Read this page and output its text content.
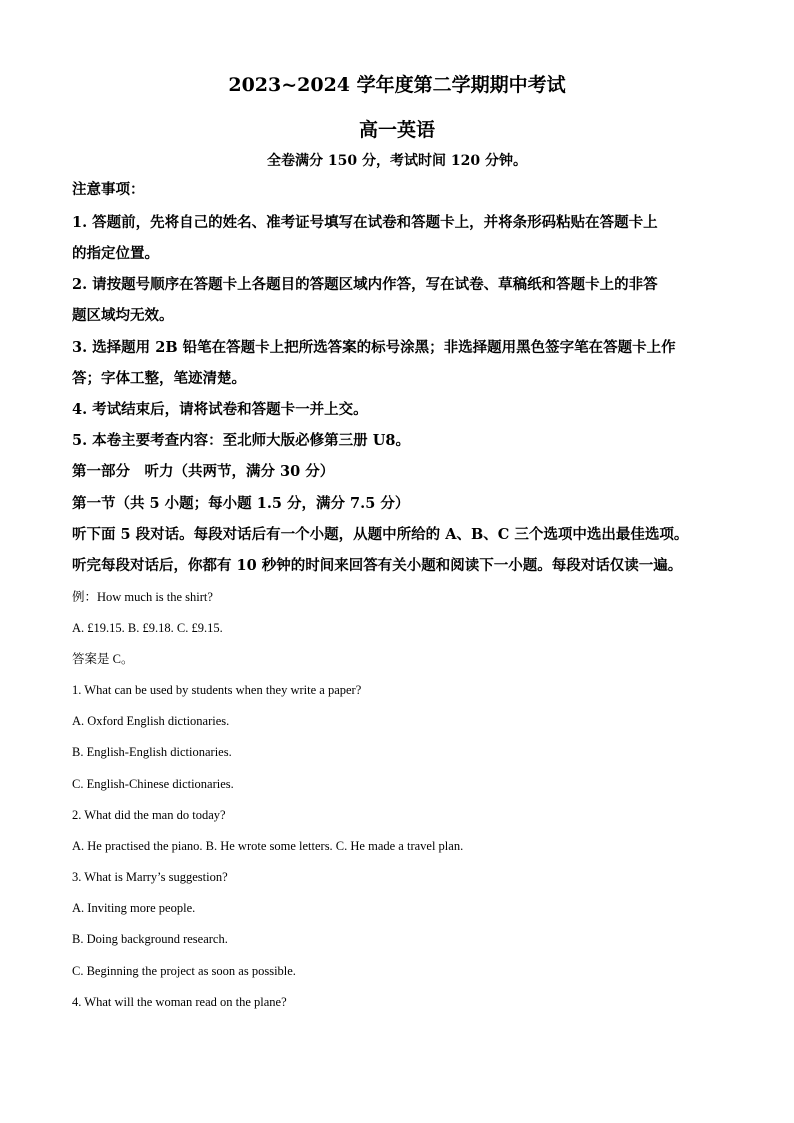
2023~2024 学年度第二学期期中考试
高一英语
全卷满分 150 分，考试时间 120 分钟。
注意事项：
1. 答题前，先将自己的姓名、准考证号填写在试卷和答题卡上，并将条形码粘贴在答题卡上
的指定位置。
2. 请按题号顺序在答题卡上各题目的答题区域内作答，写在试卷、草稿纸和答题卡上的非答
题区域均无效。
3. 选择题用 2B 铅笔在答题卡上把所选答案的标号涂黑；非选择题用黑色签字笔在答题卡上作
答；字体工整，笔迹清楚。
4. 考试结束后，请将试卷和答题卡一并上交。
5. 本卷主要考查内容：至北师大版必修第三册 U8。
第一部分　听力（共两节，满分 30 分）
第一节（共 5 小题；每小题 1.5 分，满分 7.5 分）
听下面 5 段对话。每段对话后有一个小题，从题中所给的 A、B、C 三个选项中选出最佳选项。
听完每段对话后，你都有 10 秒钟的时间来回答有关小题和阅读下一小题。每段对话仅读一遍。
例：How much is the shirt?
A. £19.15. B. £9.18. C. £9.15.
答案是 C。
1. What can be used by students when they write a paper?
A. Oxford English dictionaries.
B. English-English dictionaries.
C. English-Chinese dictionaries.
2. What did the man do today?
A. He practised the piano. B. He wrote some letters. C. He made a travel plan.
3. What is Marry’s suggestion?
A. Inviting more people.
B. Doing background research.
C. Beginning the project as soon as possible.
4. What will the woman read on the plane?
